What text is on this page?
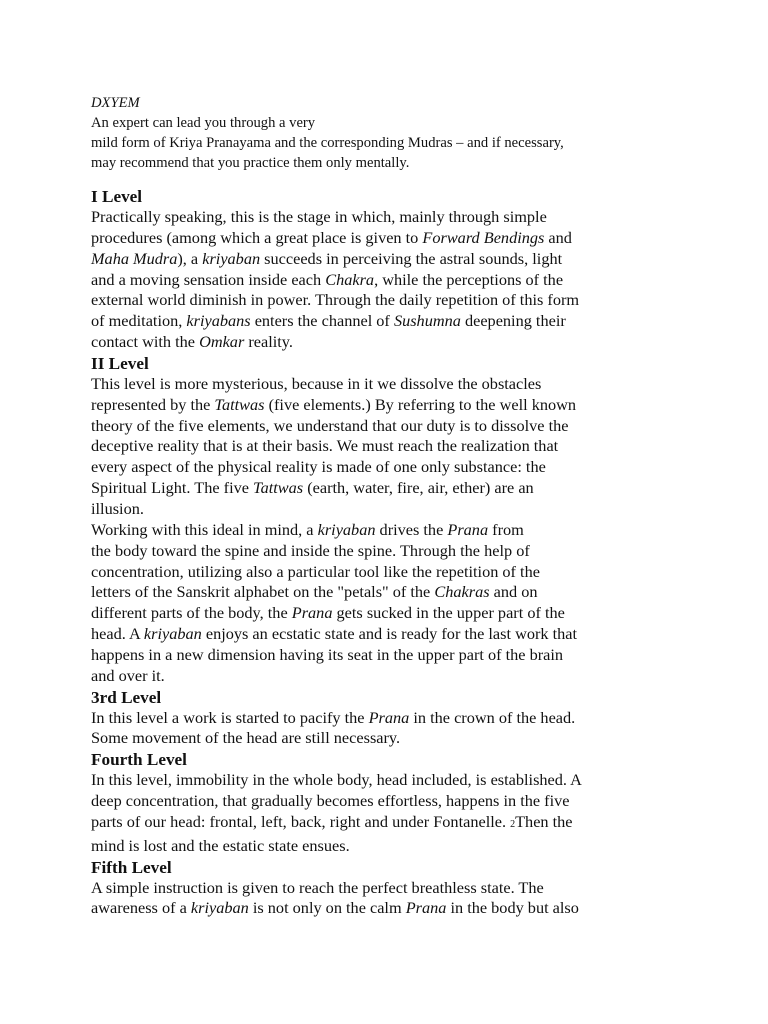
DXYEM
An expert can lead you through a very
mild form of Kriya Pranayama and the corresponding Mudras – and if necessary,
may recommend that you practice them only mentally.
I Level
Practically speaking, this is the stage in which, mainly through simple
procedures (among which a great place is given to Forward Bendings and
Maha Mudra), a kriyaban succeeds in perceiving the astral sounds, light
and a moving sensation inside each Chakra, while the perceptions of the
external world diminish in power. Through the daily repetition of this form
of meditation, kriyabans enters the channel of Sushumna deepening their
contact with the Omkar reality.
II Level
This level is more mysterious, because in it we dissolve the obstacles
represented by the Tattwas (five elements.) By referring to the well known
theory of the five elements, we understand that our duty is to dissolve the
deceptive reality that is at their basis. We must reach the realization that
every aspect of the physical reality is made of one only substance: the
Spiritual Light. The five Tattwas (earth, water, fire, air, ether) are an
illusion.
Working with this ideal in mind, a kriyaban drives the Prana from
the body toward the spine and inside the spine. Through the help of
concentration, utilizing also a particular tool like the repetition of the
letters of the Sanskrit alphabet on the "petals" of the Chakras and on
different parts of the body, the Prana gets sucked in the upper part of the
head. A kriyaban enjoys an ecstatic state and is ready for the last work that
happens in a new dimension having its seat in the upper part of the brain
and over it.
3rd Level
In this level a work is started to pacify the Prana in the crown of the head.
Some movement of the head are still necessary.
Fourth Level
In this level, immobility in the whole body, head included, is established. A
deep concentration, that gradually becomes effortless, happens in the five
parts of our head: frontal, left, back, right and under Fontanelle. 2Then the
mind is lost and the estatic state ensues.
Fifth Level
A simple instruction is given to reach the perfect breathless state. The
awareness of a kriyaban is not only on the calm Prana in the body but also
